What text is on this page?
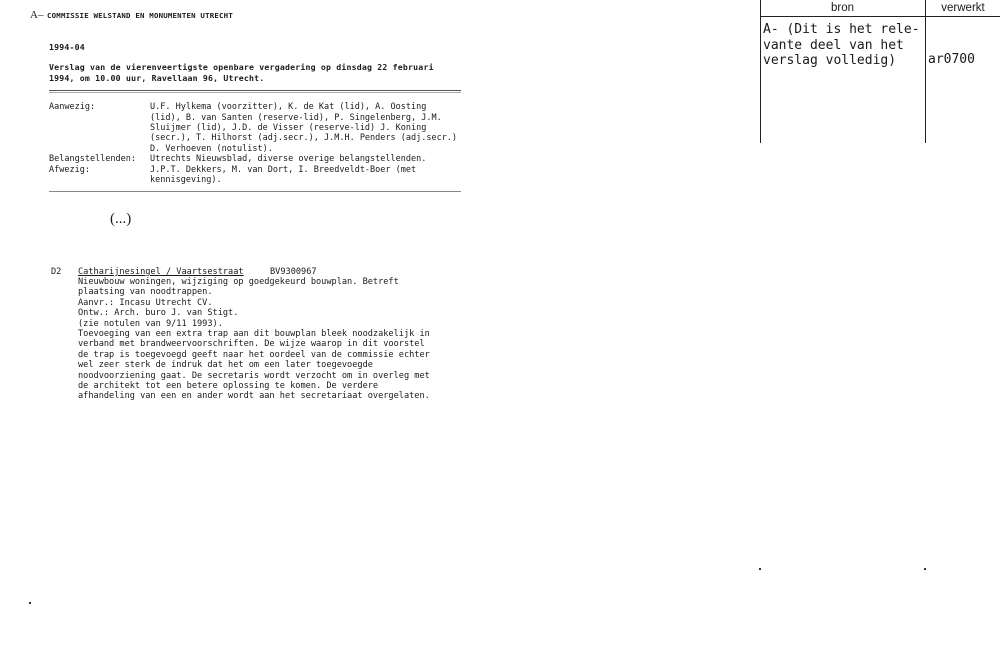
A– COMMISSIE WELSTAND EN MONUMENTEN UTRECHT
1994-04
Verslag van de vierenveertigste openbare vergadering op dinsdag 22 februari
1994, om 10.00 uur, Ravellaan 96, Utrecht.
Aanwezig:	U.F. Hylkema (voorzitter), K. de Kat (lid), A. Oosting
(lid), B. van Santen (reserve-lid), P. Singelenberg, J.M.
Sluijmer (lid), J.D. de Visser (reserve-lid) J. Koning
(secr.), T. Hilhorst (adj.secr.), J.M.H. Penders (adj.secr.)
D. Verhoeven (notulist).
Belangstellenden: Utrechts Nieuwsblad, diverse overige belangstellenden.
Afwezig:	J.P.T. Dekkers, M. van Dort, I. Breedveldt-Boer (met
kennisgeving).
(...)
D2 Catharijnesingel / Vaartsestraat	BV9300967
Nieuwbouw woningen, wijziging op goedgekeurd bouwplan. Betreft
plaatsing van noodtrappen.
Aanvr.: Incasu Utrecht CV.
Ontw.: Arch. buro J. van Stigt.
(zie notulen van 9/11 1993).
Toevoeging van een extra trap aan dit bouwplan bleek noodzakelijk in
verband met brandweervoorschriften. De wijze waarop in dit voorstel
de trap is toegevoegd geeft naar het oordeel van de commissie echter
wel zeer sterk de indruk dat het om een later toegevoegde
noodvoorziening gaat. De secretaris wordt verzocht om in overleg met
de architekt tot een betere oplossing te komen. De verdere
afhandeling van een en ander wordt aan het secretariaat overgelaten.
bron	verwerkt
A- (Dit is het rele-
vante deel van het
verslag volledig) ar0700
